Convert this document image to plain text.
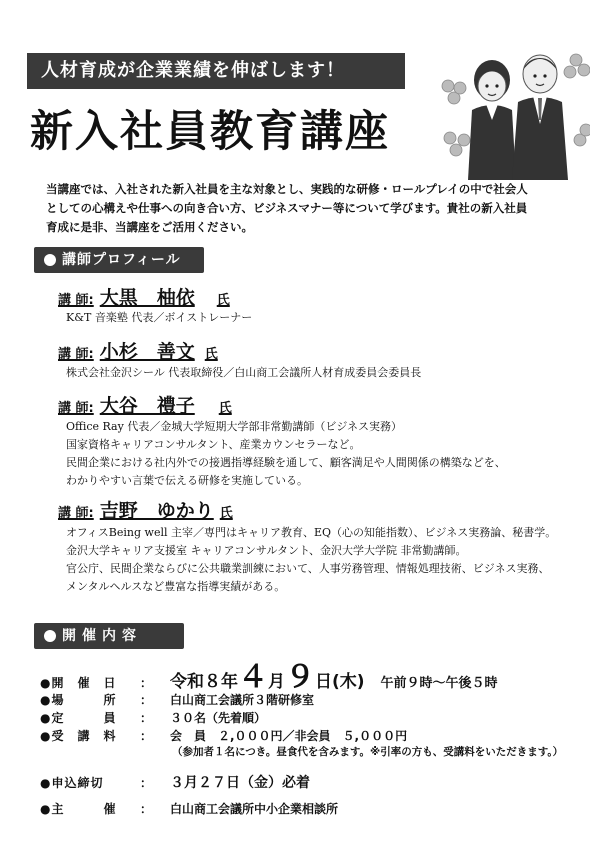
人材育成が企業業績を伸ばします！
新入社員教育講座
当講座では、入社された新入社員を主な対象とし、実践的な研修・ロールプレイの中で社会人
としての心構えや仕事への向き合い方、ビジネスマナー等について学びます。貴社の新入社員
育成に是非、当講座をご活用ください。
講師プロフィール
講 師: 大黒　柚依 氏
K&T 音楽塾 代表／ボイストレーナー
講 師: 小杉　善文 氏
株式会社金沢シール 代表取締役／白山商工会議所人材育成委員会委員長
講 師: 大谷　禮子 氏
Office Ray 代表／金城大学短期大学部非常勤講師（ビジネス実務）
国家資格キャリアコンサルタント、産業カウンセラーなど。
民間企業における社内外での接遇指導経験を通して、顧客満足や人間関係の構築などを、
わかりやすい言葉で伝える研修を実施している。
講 師: 吉野　ゆかり 氏
オフィスBeing well 主宰／専門はキャリア教育、EQ（心の知能指数）、ビジネス実務論、秘書学。
金沢大学キャリア支援室 キャリアコンサルタント、金沢大学大学院 非常勤講師。
官公庁、民間企業ならびに公共職業訓練において、人事労務管理、情報処理技術、ビジネス実務、
メンタルヘルスなど豊富な指導実績がある。
開催内容
●開　催　日	：	令和８年 ４ 月 ９ 日(木) 午前９時～午後５時
●場　　　所	：	白山商工会議所３階研修室
●定　　　員	：	３０名（先着順）
●受　講　料	：	会　員　２,０００円／非会員　５,０００円
（参加者１名につき。昼食代を含みます。※引率の方も、受講料をいただきます。）
●申込締切	：	３月２７日（金）必着
●主　　　催	：	白山商工会議所中小企業相談所
